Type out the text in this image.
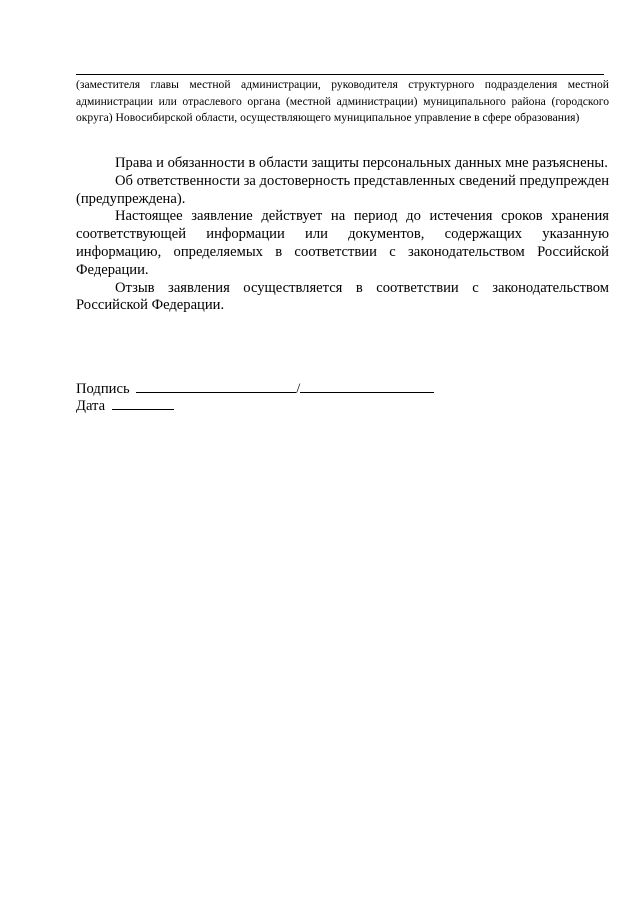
(заместителя главы местной администрации, руководителя структурного подразделения местной администрации или отраслевого органа (местной администрации) муниципального района (городского округа) Новосибирской области, осуществляющего муниципальное управление в сфере образования)

Права и обязанности в области защиты персональных данных мне разъяснены.

Об ответственности за достоверность представленных сведений предупрежден (предупреждена).

Настоящее заявление действует на период до истечения сроков хранения соответствующей информации или документов, содержащих указанную информацию, определяемых в соответствии с законодательством Российской Федерации.

Отзыв заявления осуществляется в соответствии с законодательством Российской Федерации.

Подпись	/
Дата
